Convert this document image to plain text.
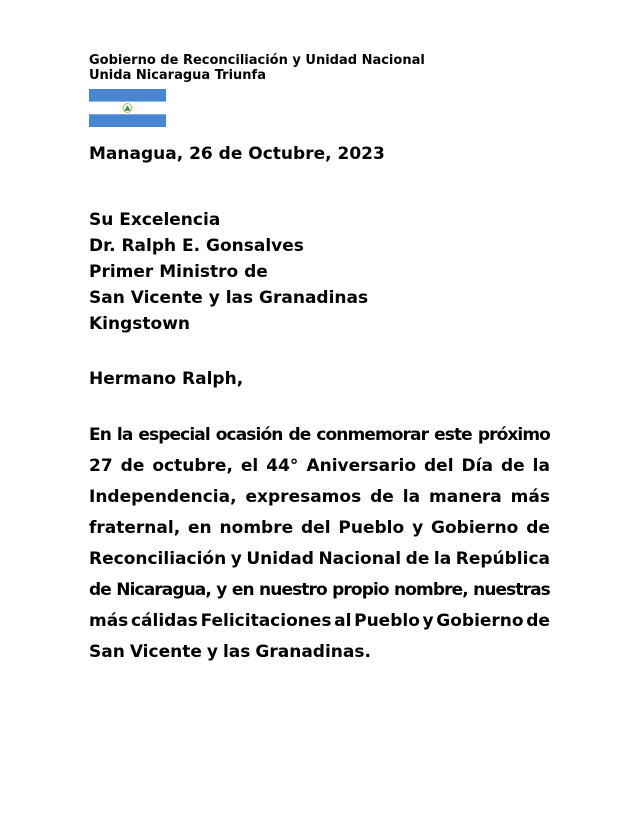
Gobierno de Reconciliación y Unidad Nacional
Unida Nicaragua Triunfa
Managua, 26 de Octubre, 2023
Su Excelencia
Dr. Ralph E. Gonsalves
Primer Ministro de
San Vicente y las Granadinas
Kingstown
Hermano Ralph,
En la especial ocasión de conmemorar este próximo
27 de octubre, el 44° Aniversario del Día de la
Independencia, expresamos de la manera más
fraternal, en nombre del Pueblo y Gobierno de
Reconciliación y Unidad Nacional de la República
de Nicaragua, y en nuestro propio nombre, nuestras
más cálidas Felicitaciones al Pueblo y Gobierno de
San Vicente y las Granadinas.
